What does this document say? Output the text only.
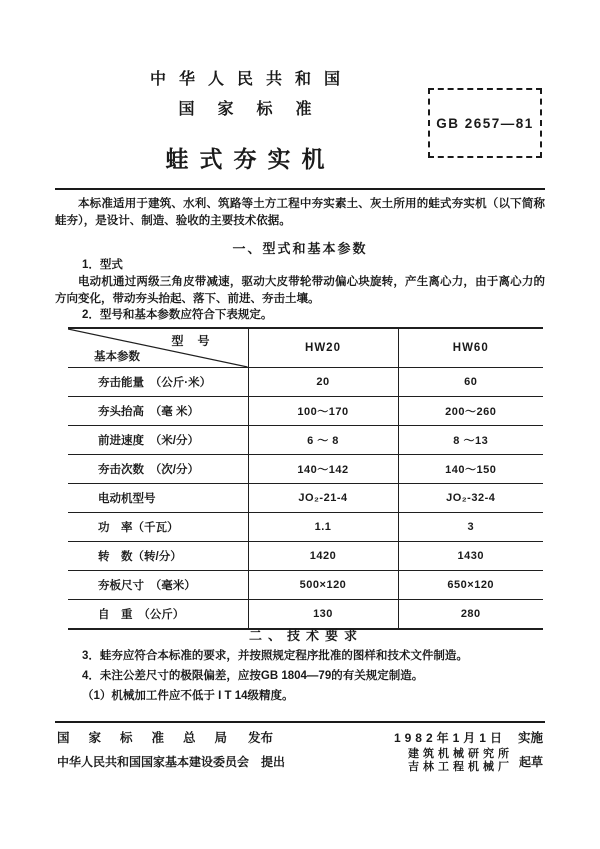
中华人民共和国
国家标准
蛙式夯实机
GB 2657—81
本标准适用于建筑、水利、筑路等土方工程中夯实素土、灰土所用的蛙式夯实机（以下简称蛙夯），是设计、制造、验收的主要技术依据。
一、型式和基本参数
1．型式
电动机通过两级三角皮带减速，驱动大皮带轮带动偏心块旋转，产生离心力，由于离心力的方向变化，带动夯头抬起、落下、前进、夯击土壤。
2．型号和基本参数应符合下表规定。
型号
基本参数	HW20	HW60
夯击能量　（公斤·米）	20	60
夯头抬高　（毫 米）	100～170	200～260
前进速度　（米/分）	6 ～ 8	8 ～13
夯击次数　（次/分）	140～142	140～150
电动机型号	JO₂-21-4	JO₂-32-4
功　率（千瓦）	1.1	3
转　数（转/分）	1420	1430
夯板尺寸　（毫米）	500×120	650×120
自　重　（公斤）	130	280
二、技术要求
3．蛙夯应符合本标准的要求，并按照规定程序批准的图样和技术文件制造。
4．未注公差尺寸的极限偏差，应按GB 1804—79的有关规定制造。
（1）机械加工件应不低于 I T 14级精度。
国家标准总局 发布	1982年1月1日 实施
中华人民共和国国家基本建设委员会 提出
建筑机械研究所
吉林工程机械厂 起草
